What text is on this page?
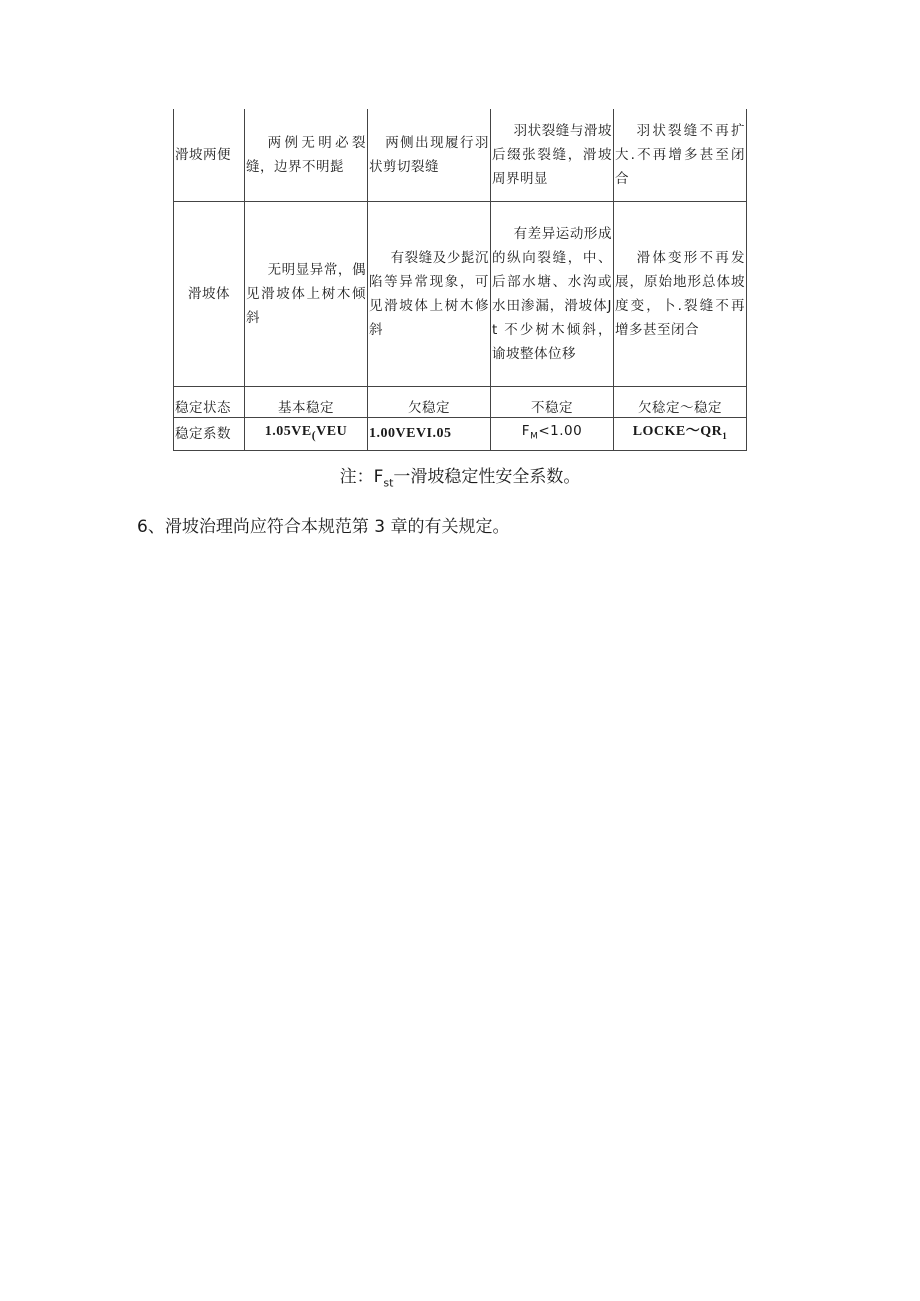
滑坡两便	两例无明必裂缝，边界不明髭	两侧出现履行羽状剪切裂缝	羽状裂缝与滑坡后缀张裂缝，滑坡周界明显	羽状裂缝不再扩大.不再增多甚至闭合
滑坡体	无明显异常，偶见滑坡体上树木倾斜	有裂缝及少髭沉陷等异常现象，可见滑坡体上树木修斜	有差异运动形成的纵向裂缝，中、后部水塘、水沟或水田渗漏，滑坡体Jt 不少树木倾斜，谕坡整体位移	滑体变形不再发展，原始地形总体坡度变，卜.裂缝不再增多甚至闭合
稳定状态	基本稳定	欠稳定	不稳定	欠稔定～稳定
稳定系数	$1.05VE_(VEU$	1.00VEVI.05	$F_M<1.00$	$LOCKE\sim QR_1$
注：$F_{st}$一滑坡稳定性安全系数。
6、滑坡治理尚应符合本规范第 3 章的有关规定。
